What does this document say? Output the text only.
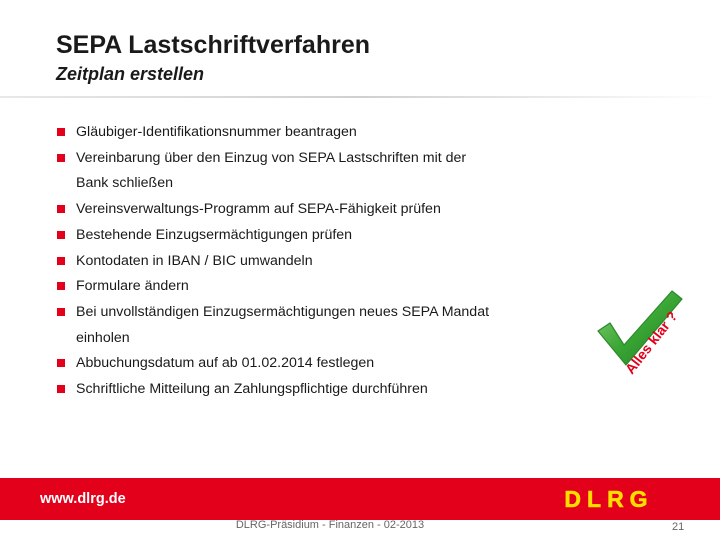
SEPA Lastschriftverfahren
Zeitplan erstellen
Gläubiger-Identifikationsnummer beantragen
Vereinbarung über den Einzug von SEPA Lastschriften mit der
Bank schließen
Vereinsverwaltungs-Programm auf SEPA-Fähigkeit prüfen
Bestehende Einzugsermächtigungen prüfen
Kontodaten in IBAN / BIC umwandeln
Formulare ändern
Bei unvollständigen Einzugsermächtigungen neues SEPA Mandat
einholen
Abbuchungsdatum auf ab 01.02.2014 festlegen
Schriftliche Mitteilung an Zahlungspflichtige durchführen
Alles klar ?
www.dlrg.de	DLRG
DLRG-Präsidium - Finanzen - 02-2013	21
